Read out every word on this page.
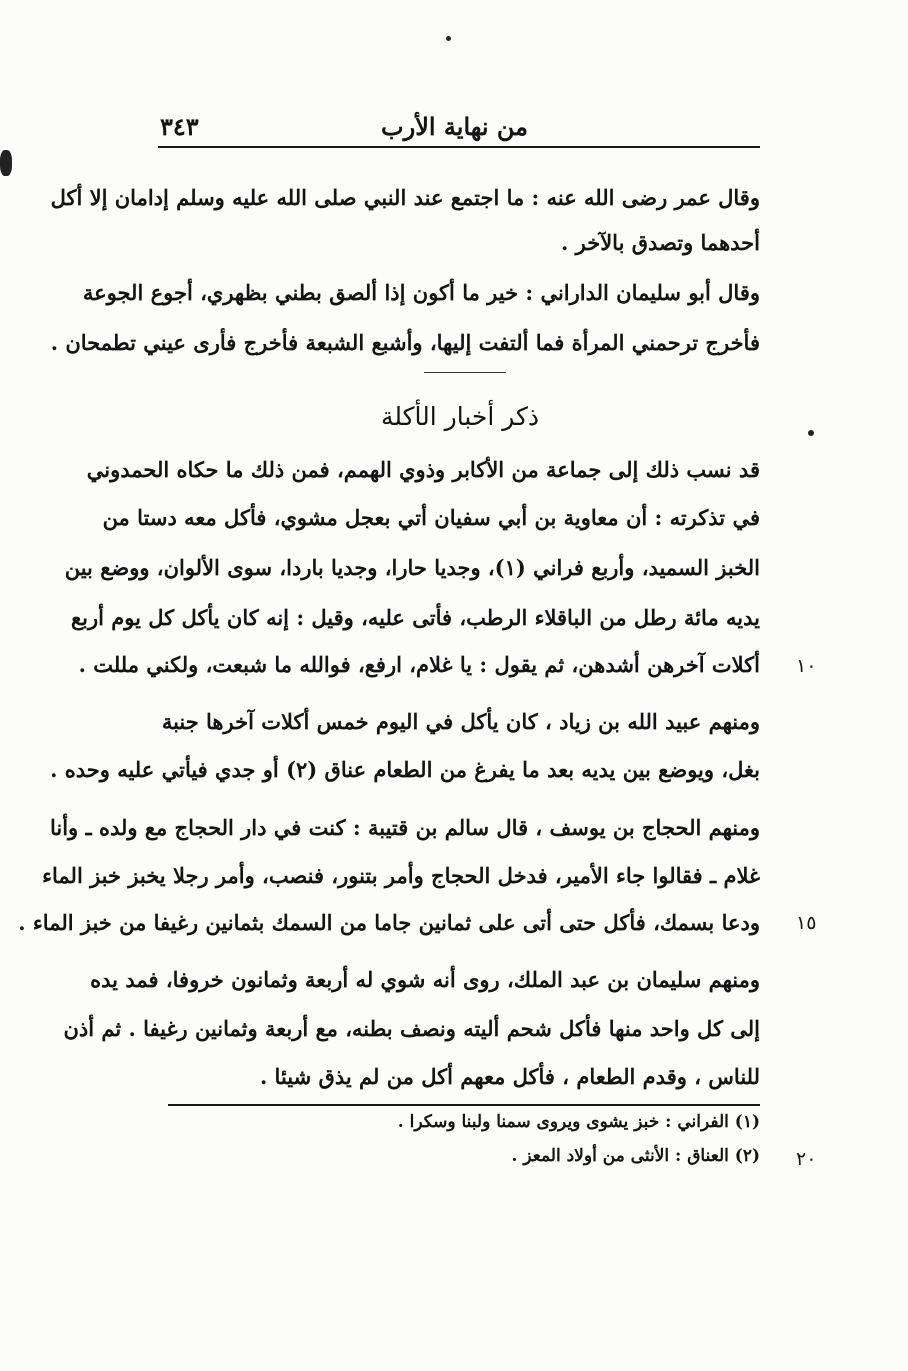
٣٤٣	من نهاية الأرب
وقال عمر رضى الله عنه : ما اجتمع عند النبي صلى الله عليه وسلم إدامان إلا أكل
أحدهما وتصدق بالآخر .
وقال أبو سليمان الداراني : خير ما أكون إذا ألصق بطني بظهري، أجوع الجوعة
فأخرج ترحمني المرأة فما ألتفت إليها، وأشبع الشبعة فأخرج فأرى عيني تطمحان .
ذكر أخبار الأكلة
قد نسب ذلك إلى جماعة من الأكابر وذوي الهمم، فمن ذلك ما حكاه الحمدوني
في تذكرته : أن معاوية بن أبي سفيان أتي بعجل مشوي، فأكل معه دستا من
الخبز السميد، وأربع فراني (١)، وجديا حارا، وجديا باردا، سوى الألوان، ووضع بين
يديه مائة رطل من الباقلاء الرطب، فأتى عليه، وقيل : إنه كان يأكل كل يوم أربع
أكلات آخرهن أشدهن، ثم يقول : يا غلام، ارفع، فوالله ما شبعت، ولكني مللت .
ومنهم عبيد الله بن زياد ، كان يأكل في اليوم خمس أكلات آخرها جنبة
بغل، ويوضع بين يديه بعد ما يفرغ من الطعام عناق (٢) أو جدي فيأتي عليه وحده .
ومنهم الحجاج بن يوسف ، قال سالم بن قتيبة : كنت في دار الحجاج مع ولده ـ وأنا
غلام ـ فقالوا جاء الأمير، فدخل الحجاج وأمر بتنور، فنصب، وأمر رجلا يخبز خبز الماء
ودعا بسمك، فأكل حتى أتى على ثمانين جاما من السمك بثمانين رغيفا من خبز الماء .
ومنهم سليمان بن عبد الملك، روى أنه شوي له أربعة وثمانون خروفا، فمد يده
إلى كل واحد منها فأكل شحم أليته ونصف بطنه، مع أربعة وثمانين رغيفا . ثم أذن
للناس ، وقدم الطعام ، فأكل معهم أكل من لم يذق شيئا .
١٠
١٥
٢٠
(١) الفراني : خبز يشوى ويروى سمنا ولبنا وسكرا .
(٢) العناق : الأنثى من أولاد المعز .
